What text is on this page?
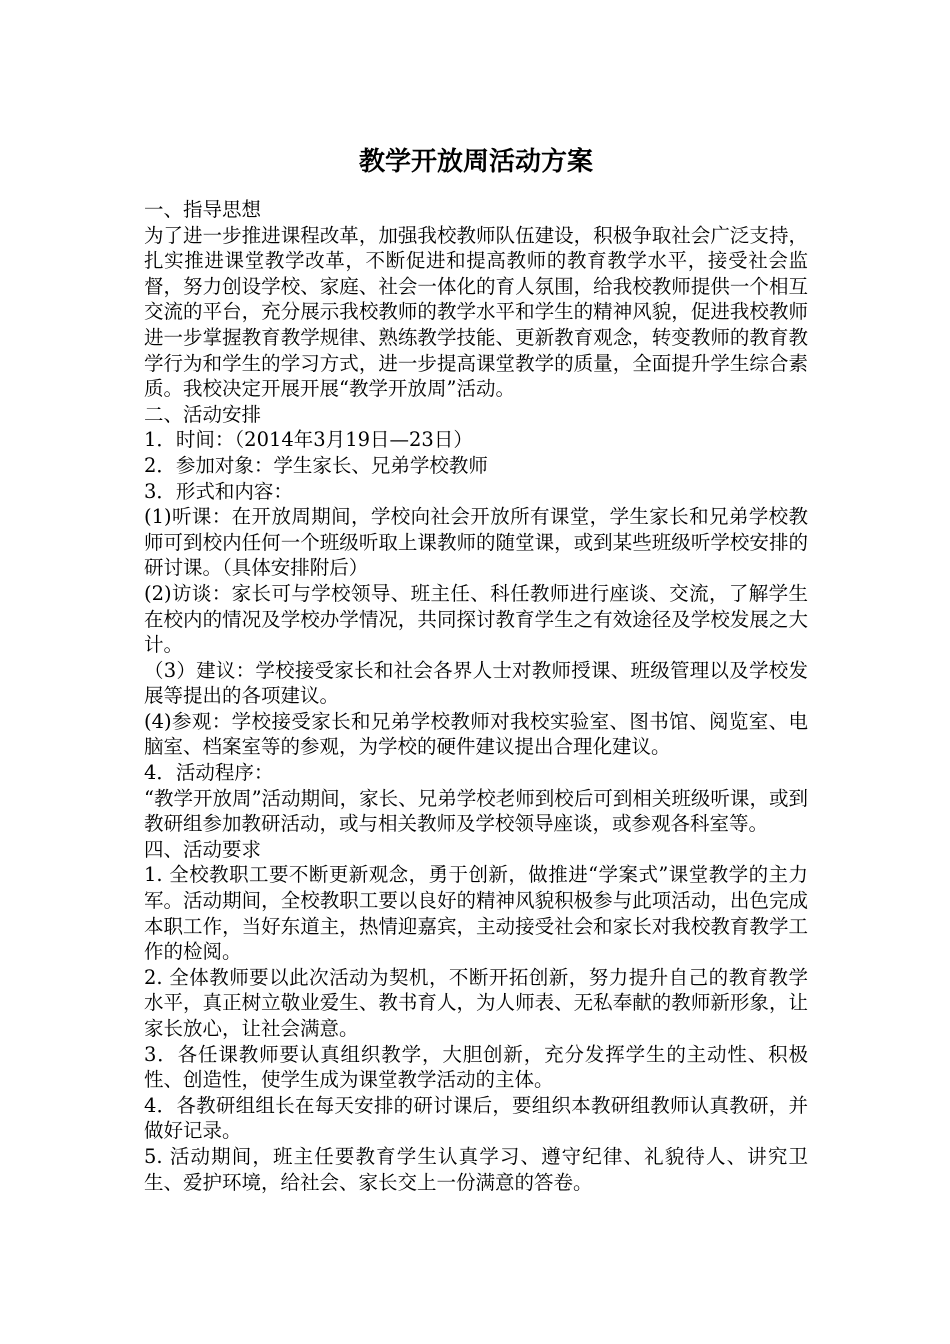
教学开放周活动方案

一、指导思想

为了进一步推进课程改革，加强我校教师队伍建设，积极争取社会广泛支持，扎实推进课堂教学改革，不断促进和提高教师的教育教学水平，接受社会监督，努力创设学校、家庭、社会一体化的育人氛围，给我校教师提供一个相互交流的平台，充分展示我校教师的教学水平和学生的精神风貌，促进我校教师进一步掌握教育教学规律、熟练教学技能、更新教育观念，转变教师的教育教学行为和学生的学习方式，进一步提高课堂教学的质量，全面提升学生综合素质。我校决定开展开展“教学开放周”活动。

二、活动安排

1．时间：（2014年3月19日—23日）

2．参加对象：学生家长、兄弟学校教师

3．形式和内容：

(1)听课：在开放周期间，学校向社会开放所有课堂，学生家长和兄弟学校教师可到校内任何一个班级听取上课教师的随堂课，或到某些班级听学校安排的研讨课。（具体安排附后）

(2)访谈：家长可与学校领导、班主任、科任教师进行座谈、交流，了解学生在校内的情况及学校办学情况，共同探讨教育学生之有效途径及学校发展之大计。

（3）建议：学校接受家长和社会各界人士对教师授课、班级管理以及学校发展等提出的各项建议。

(4)参观：学校接受家长和兄弟学校教师对我校实验室、图书馆、阅览室、电脑室、档案室等的参观，为学校的硬件建议提出合理化建议。

4．活动程序：

“教学开放周”活动期间，家长、兄弟学校老师到校后可到相关班级听课，或到教研组参加教研活动，或与相关教师及学校领导座谈，或参观各科室等。

四、活动要求

1. 全校教职工要不断更新观念，勇于创新，做推进“学案式”课堂教学的主力军。活动期间，全校教职工要以良好的精神风貌积极参与此项活动，出色完成本职工作，当好东道主，热情迎嘉宾，主动接受社会和家长对我校教育教学工作的检阅。

2. 全体教师要以此次活动为契机，不断开拓创新，努力提升自己的教育教学水平，真正树立敬业爱生、教书育人，为人师表、无私奉献的教师新形象，让家长放心，让社会满意。

3．各任课教师要认真组织教学，大胆创新，充分发挥学生的主动性、积极性、创造性，使学生成为课堂教学活动的主体。

4．各教研组组长在每天安排的研讨课后，要组织本教研组教师认真教研，并做好记录。

5. 活动期间，班主任要教育学生认真学习、遵守纪律、礼貌待人、讲究卫生、爱护环境，给社会、家长交上一份满意的答卷。
